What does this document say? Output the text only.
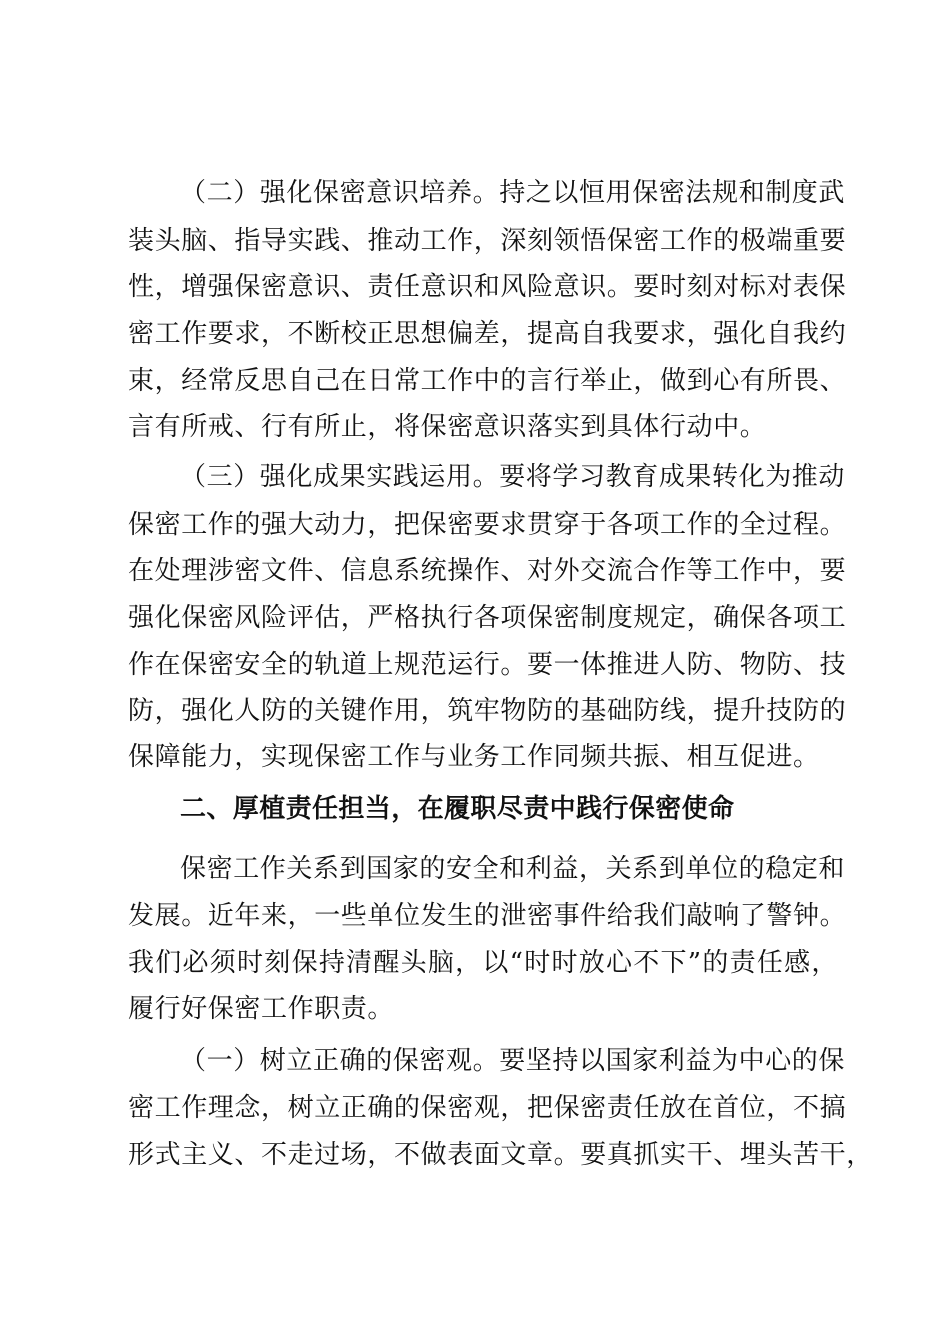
（二）强化保密意识培养。持之以恒用保密法规和制度武
装头脑、指导实践、推动工作，深刻领悟保密工作的极端重要
性，增强保密意识、责任意识和风险意识。要时刻对标对表保
密工作要求，不断校正思想偏差，提高自我要求，强化自我约
束，经常反思自己在日常工作中的言行举止，做到心有所畏、
言有所戒、行有所止，将保密意识落实到具体行动中。
（三）强化成果实践运用。要将学习教育成果转化为推动
保密工作的强大动力，把保密要求贯穿于各项工作的全过程。
在处理涉密文件、信息系统操作、对外交流合作等工作中，要
强化保密风险评估，严格执行各项保密制度规定，确保各项工
作在保密安全的轨道上规范运行。要一体推进人防、物防、技
防，强化人防的关键作用，筑牢物防的基础防线，提升技防的
保障能力，实现保密工作与业务工作同频共振、相互促进。
二、厚植责任担当，在履职尽责中践行保密使命
保密工作关系到国家的安全和利益，关系到单位的稳定和
发展。近年来，一些单位发生的泄密事件给我们敲响了警钟。
我们必须时刻保持清醒头脑，以“时时放心不下”的责任感，
履行好保密工作职责。
（一）树立正确的保密观。要坚持以国家利益为中心的保
密工作理念，树立正确的保密观，把保密责任放在首位，不搞
形式主义、不走过场，不做表面文章。要真抓实干、埋头苦干，
